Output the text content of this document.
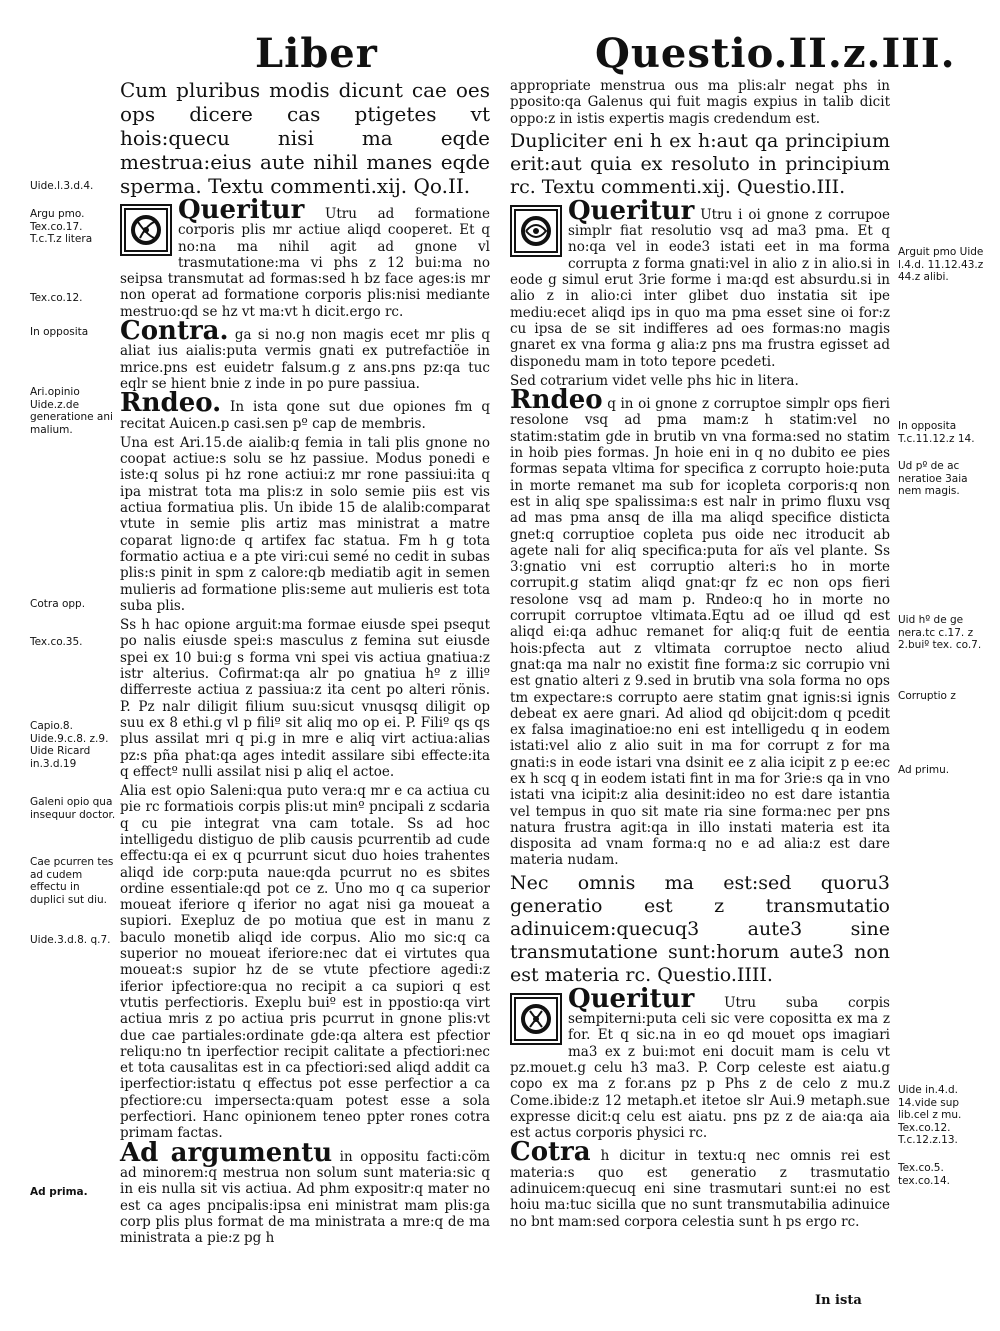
Liber	Questio.II.z.III.
Uide.l.3.d.4.
Argu pmo. Tex.co.17. T.c.T.z litera
Tex.co.12.
In opposita
Ari.opinio Uide.z.de generatione ani malium.
Cotra opp.
Tex.co.35.
Capio.8. Uide.9.c.8. z.9. Uide Ricard in.3.d.19
Galeni opio qua insequur doctor.
Cae pcurren tes ad cudem effectu in duplici sut diu.
Uide.3.d.8. q.7.
Ad prima.
Arguit pmo Uide l.4.d. 11.12.43.z 44.z alibi.
In opposita T.c.11.12.z 14.
Ud pº de ac neratioe 3aia nem magis.
Uid hº de ge nera.tc c.17. z 2.buiº tex. co.7.
Corruptio z
Ad primu.
Uide in.4.d. 14.vide sup lib.cel z mu. Tex.co.12. T.c.12.z.13.
Tex.co.5. tex.co.14.
Cum pluribus modis dicunt cae oes ops dicere cas ptigetes vt hois:quecu nisi ma eqde mestrua:eius aute nihil manes eqde sperma. Textu commenti.xij. Qo.II.
Queritur Utru ad formatione corporis plis mr actiue aliqd cooperet. Et q no:na ma nihil agit ad gnone vl trasmutatione:ma vi phs z 12 bui:ma no seipsa transmutat ad formas:sed h bz face ages:is mr non operat ad formatione corporis plis:nisi mediante mestruo:qd se hz vt ma:vt h dicit.ergo rc.
Contra. ga si no.g non magis ecet mr plis q aliat ius aialis:puta vermis gnati ex putrefactiöe in mrice.pns est euidetr falsum.g z ans.pns pz:qa tuc eqlr se hient bnie z inde in po pure passiua.
Rndeo. In ista qone sut due opiones fm q recitat Auicen.p casi.sen pº cap de membris.
Una est Ari.15.de aialib:q femia in tali plis gnone no coopat actiue:s solu se hz passiue. Modus ponedi e iste:q solus pi hz rone actiui:z mr rone passiui:ita q ipa mistrat tota ma plis:z in solo semie piis est vis actiua formatiua plis. Un ibide 15 de alalib:comparat vtute in semie plis artiz mas ministrat a matre coparat ligno:de q artifex fac statua. Fm h g tota formatio actiua e a pte viri:cui semé no cedit in subas plis:s pinit in spm z calore:qb mediatib agit in semen mulieris ad formatione plis:seme aut mulieris est tota suba plis.
Ss h hac opione arguit:ma formae eiusde spei psequt po nalis eiusde spei:s masculus z femina sut eiusde spei ex 10 bui:g s forma vni spei vis actiua gnatiua:z istr alterius. Cofirmat:qa alr po gnatiua hº z illiº differreste actiua z passiua:z ita cent po alteri rönis. P. Pz nalr diligit filium suu:sicut vnusqsq diligit op suu ex 8 ethi.g vl p filiº sit aliq mo op ei. P. Filiº qs qs plus assilat mri q pi.g in mre e aliq virt actiua:alias pz:s pña phat:qa ages intedit assilare sibi effecte:ita q effectº nulli assilat nisi p aliq el actoe.
Alia est opio Saleni:qua puto vera:q mr e ca actiua cu pie rc formatiois corpis plis:ut minº pncipali z scdaria q cu pie integrat vna cam totale. Ss ad hoc intelligedu distiguo de plib causis pcurrentib ad cude effectu:qa ei ex q pcurrunt sicut duo hoies trahentes aliqd ide corp:puta naue:qda pcurrut no es sbites ordine essentiale:qd pot ce z. Uno mo q ca superior moueat iferiore q iferior no agat nisi ga moueat a supiori. Exepluz de po motiua que est in manu z baculo monetib aliqd ide corpus. Alio mo sic:q ca superior no moueat iferiore:nec dat ei virtutes qua moueat:s supior hz de se vtute pfectiore agedi:z iferior ipfectiore:qua no recipit a ca supiori q est vtutis perfectioris. Exeplu buiº est in ppostio:qa virt actiua mris z po actiua pris pcurrut in gnone plis:vt due cae partiales:ordinate gde:qa altera est pfectior reliqu:no tn iperfectior recipit calitate a pfectiori:nec et tota causalitas est in ca pfectiori:sed aliqd addit ca iperfectior:istatu q effectus pot esse perfectior a ca pfectiore:cu impersecta:quam potest esse a sola perfectiori. Hanc opinionem teneo ppter rones cotra primam factas.
Ad argumentu in oppositu facti:cöm ad minorem:q mestrua non solum sunt materia:sic q in eis nulla sit vis actiua. Ad phm expositr:q mater no est ca ages pncipalis:ipsa eni ministrat mam plis:ga corp plis plus format de ma ministrata a mre:q de ma ministrata a pie:z pg h
appropriate menstrua ous ma plis:alr negat phs in pposito:qa Galenus qui fuit magis expius in talib dicit oppo:z in istis expertis magis credendum est.
Dupliciter eni h ex h:aut qa principium erit:aut quia ex resoluto in principium rc. Textu commenti.xij. Questio.III.
Queritur Utru i oi gnone z corrupoe simplr fiat resolutio vsq ad ma3 pma. Et q no:qa vel in eode3 istati eet in ma forma corrupta z forma gnati:vel in alio z in alio.si in eode g simul erut 3rie forme i ma:qd est absurdu.si in alio z in alio:ci inter glibet duo instatia sit ipe mediu:ecet aliqd ips in quo ma pma esset sine oi for:z cu ipsa de se sit indifferes ad oes formas:no magis gnaret ex vna forma g alia:z pns ma frustra egisset ad disponedu mam in toto tepore pcedeti.
Sed cotrarium videt velle phs hic in litera.
Rndeo q in oi gnone z corruptoe simplr ops fieri resolone vsq ad pma mam:z h statim:vel no statim:statim gde in brutib vn vna forma:sed no statim in hoib pies formas. Jn hoie eni in q no dubito ee pies formas sepata vltima for specifica z corrupto hoie:puta in morte remanet ma sub for icopleta corporis:q non est in aliq spe spalissima:s est nalr in primo fluxu vsq ad mas pma ansq de illa ma aliqd specifice disticta gnet:q corruptioe copleta pus oide nec itroducit ab agete nali for aliq specifica:puta for aïs vel plante. Ss 3:gnatio vni est corruptio alteri:s ho in morte corrupit.g statim aliqd gnat:qr fz ec non ops fieri resolone vsq ad mam p. Rndeo:q ho in morte no corrupit corruptoe vltimata.Eqtu ad oe illud qd est aliqd ei:qa adhuc remanet for aliq:q fuit de eentia hois:pfecta aut z vltimata corruptoe necto aliud gnat:qa ma nalr no existit fine forma:z sic corrupio vni est gnatio alteri z 9.sed in brutib vna sola forma no ops tm expectare:s corrupto aere statim gnat ignis:si ignis debeat ex aere gnari. Ad aliod qd obijcit:dom q pcedit ex falsa imaginatioe:no eni est intelligedu q in eodem istati:vel alio z alio suit in ma for corrupt z for ma gnati:s in eode istari vna dsinit ee z alia icipit z p ee:ec ex h scq q in eodem istati fint in ma for 3rie:s qa in vno istati vna icipit:z alia desinit:ideo no est dare istantia vel tempus in quo sit mate ria sine forma:nec per pns natura frustra agit:qa in illo instati materia est ita disposita ad vnam forma:q no e ad alia:z est dare materia nudam.
Nec omnis ma est:sed quoru3 generatio est z transmutatio adinuicem:quecuq3 aute3 sine transmutatione sunt:horum aute3 non est materia rc. Questio.IIII.
Queritur Utru suba corpis sempiterni:puta celi sic vere copositta ex ma z for. Et q sic.na in eo qd mouet ops imagiari ma3 ex z bui:mot eni docuit mam is celu vt pz.mouet.g celu h3 ma3. P. Corp celeste est aiatu.g copo ex ma z for.ans pz p Phs z de celo z mu.z Come.ibide:z 12 metaph.et itetoe slr Aui.9 metaph.sue expresse dicit:q celu est aiatu. pns pz z de aia:qa aia est actus corporis physici rc.
Cotra h dicitur in textu:q nec omnis rei est materia:s quo est generatio z trasmutatio adinuicem:quecuq eni sine trasmutari sunt:ei no est hoiu ma:tuc sicilla que no sunt transmutabilia adinuice no bnt mam:sed corpora celestia sunt h ps ergo rc.
In ista
